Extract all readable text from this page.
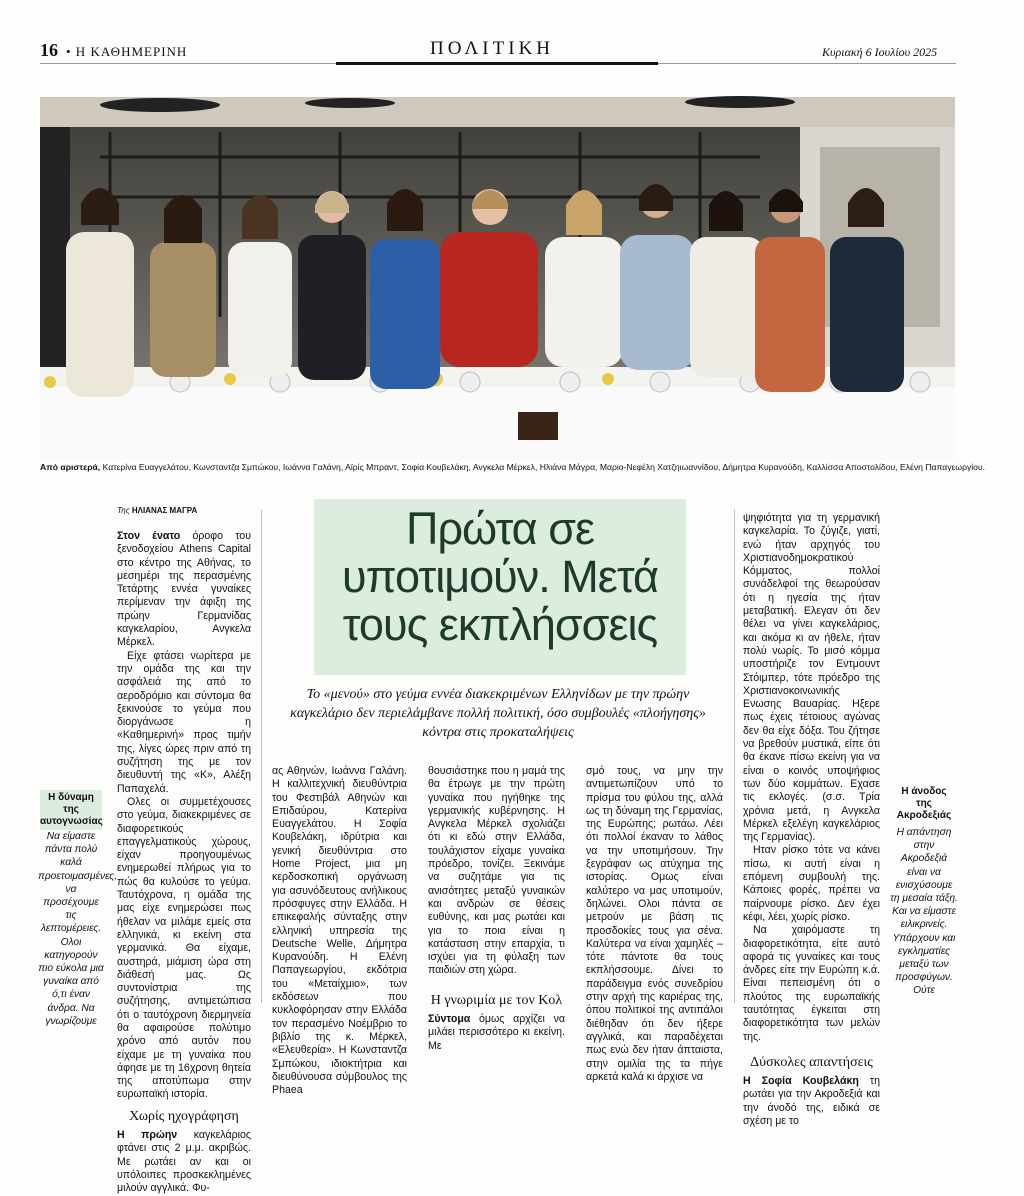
16 • Η ΚΑΘΗΜΕΡΙΝΗ	ΠΟΛΙΤΙΚΗ	Κυριακή 6 Ιουλίου 2025
Από αριστερά, Κατερίνα Ευαγγελάτου, Κωνσταντζα Σμπώκου, Ιωάννα Γαλάνη, Αϊρίς Μπραντ, Σοφία Κουβελάκη, Ανγκελα Μέρκελ, Ηλιάνα Μάγρα, Μαριο-Νεφέλη Χατζηιωαννίδου, Δήμητρα Κυρανούδη, Καλλίσσα Αποστολίδου, Ελένη Παπαγεωργίου.
Της ΗΛΙΑΝΑΣ ΜΑΓΡΑ	Πρώτα σε υποτιμούν. Μετά τους εκπλήσσεις
Το «μενού» στο γεύμα εννέα διακεκριμένων Ελληνίδων με την πρώην καγκελάριο δεν περιελάμβανε πολλή πολιτική, όσο συμβουλές «πλοήγησης» κόντρα στις προκαταλήψεις
Η δύναμη της αυτογνωσίας
Να είμαστε πάντα πολύ καλά προετοιμασμένες, να προσέχουμε τις λεπτομέρειες. Ολοι κατηγορούν πιο εύκολα μια γυναίκα από ό,τι έναν άνδρα. Να γνωρίζουμε

Στον ένατο όροφο του ξενοδοχείου Athens Capital στο κέντρο της Αθήνας, το μεσημέρι της περασμένης Τετάρτης εννέα γυναίκες περίμεναν την άφιξη της πρώην Γερμανίδας καγκελαρίου, Ανγκελα Μέρκελ.

Είχε φτάσει νωρίτερα με την ομάδα της και την ασφάλειά της από το αεροδρόμιο και σύντομα θα ξεκινούσε το γεύμα που διοργάνωσε η «Καθημερινή» προς τιμήν της, λίγες ώρες πριν από τη συζήτηση της με τον διευθυντή της «Κ», Αλέξη Παπαχελά.

Ολες οι συμμετέχουσες στο γεύμα, διακεκριμένες σε διαφορετικούς επαγγελματικούς χώρους, είχαν προηγουμένως ενημερωθεί πλήρως για το πώς θα κυλούσε το γεύμα. Ταυτόχρονα, η ομάδα της μας είχε ενημερώσει πως ήθελαν να μιλάμε εμείς στα ελληνικά, κι εκείνη στα γερμανικά. Θα είχαμε, αυστηρά, μιάμιση ώρα στη διάθεσή μας. Ως συντονίστρια της συζήτησης, αντιμετώπισα ότι ο ταυτόχρονη διερμηνεία θα αφαιρούσε πολύτιμο χρόνο από αυτόν που είχαμε με τη γυναίκα που άφησε με τη 16χρονη θητεία της αποτύπωμα στην ευρωπαϊκή ιστορία.

Χωρίς ηχογράφηση

Η πρώην καγκελάριος φτάνει στις 2 μ.μ. ακριβώς. Με ρωτάει αν και οι υπόλοιπες προσκεκλημένες μιλούν αγγλικά. Φυ-

ας Αθηνών, Ιωάννα Γαλάνη. Η καλλιτεχνική διευθύντρια του Φεστιβάλ Αθηνών και Επιδαύρου, Κατερίνα Ευαγγελάτου. Η Σοφία Κουβελάκη, ιδρύτρια και γενική διευθύντρια στο Home Project, μια μη κερδοσκοπική οργάνωση για ασυνόδευτους ανήλικους πρόσφυγες στην Ελλάδα. Η επικεφαλής σύνταξης στην ελληνική υπηρεσία της Deutsche Welle, Δήμητρα Κυρανούδη. Η Ελένη Παπαγεωργίου, εκδότρια του «Μεταίχμιο», των εκδόσεων που κυκλοφόρησαν στην Ελλάδα τον περασμένο Νοέμβριο το βιβλίο της κ. Μέρκελ, «Ελευθερία». Η Κωνσταντζα Σμπώκου, ιδιοκτήτρια και διευθύνουσα σύμβουλος της Phaea

θουσιάστηκε που η μαμά της θα έτρωγε με την πρώτη γυναίκα που ηγήθηκε της γερμανικής κυβέρνησης. Η Ανγκελα Μέρκελ σχολιάζει ότι κι εδώ στην Ελλάδα, τουλάχιστον είχαμε γυναίκα πρόεδρο, τονίζει. Ξεκινάμε να συζητάμε για τις ανισότητες μεταξύ γυναικών και ανδρών σε θέσεις ευθύνης, και μας ρωτάει και για το ποια είναι η κατάσταση στην επαρχία, τι ισχύει για τη φύλαξη των παιδιών στη χώρα.

Η γνωριμία με τον Κολ

Σύντομα όμως αρχίζει να μιλάει περισσότερο κι εκείνη. Με

σμό τους, να μην την αντιμετωπίζουν υπό το πρίσμα του φύλου της, αλλά ως τη δύναμη της Γερμανίας, της Ευρώπης; ρωτάω. Λέει ότι πολλοί έκαναν το λάθος να την υποτιμήσουν. Την ξεγράφαν ως ατύχημα της ιστορίας. Ομως είναι καλύτερο να μας υποτιμούν, δηλώνει. Ολοι πάντα σε μετρούν με βάση τις προσδοκίες τους για σένα. Καλύτερα να είναι χαμηλές – τότε πάντοτε θα τους εκπλήσσουμε. Δίνει το παράδειγμα ενός συνεδρίου στην αρχή της καριέρας της, όπου πολιτικοί της αντιπάλοι διέθηδαν ότι δεν ήξερε αγγλικά, και παραδέχεται πως ενώ δεν ήταν άπταιστα, στην ομιλία της τα πήγε αρκετά καλά κι άρχισε να

ψηφιότητα για τη γερμανική καγκελαρία. Το ζύγιζε, γιατί, ενώ ήταν αρχηγός του Χριστιανοδημοκρατικού Κόμματος, πολλοί συνάδελφοί της θεωρούσαν ότι η ηγεσία της ήταν μεταβατική. Ελεγαν ότι δεν θέλει να γίνει καγκελάριος, και ακόμα κι αν ήθελε, ήταν πολύ νωρίς. Το μισό κόμμα υποστήριζε τον Εντμουντ Στόιμπερ, τότε πρόεδρο της Χριστιανοκοινωνικής Ενωσης Βαυαρίας. Ηξερε πως έχεις τέτοιους αγώνας δεν θα είχε δόξα. Του ζήτησε να βρεθούν μυστικά, είπε ότι θα έκανε πίσω εκείνη για να είναι ο κοινός υποψήφιος των δύο κομμάτων. Εχασε τις εκλογές. (σ.σ. Τρία χρόνια μετά, η Ανγκελα Μέρκελ εξελέγη καγκελάριος της Γερμανίας).

Ηταν ρίσκο τότε να κάνει πίσω, κι αυτή είναι η επόμενη συμβουλή της. Κάποιες φορές, πρέπει να παίρνουμε ρίσκο. Δεν έχει κέφι, λέει, χωρίς ρίσκο.

Να χαιρόμαστε τη διαφορετικότητα, είτε αυτό αφορά τις γυναίκες και τους άνδρες είτε την Ευρώπη κ.ά. Είναι πεπεισμένη ότι ο πλούτος της ευρωπαϊκής ταυτότητας έγκειται στη διαφορετικότητα των μελών της.

Δύσκολες απαντήσεις

Η Σοφία Κουβελάκη τη ρωτάει για την Ακροδεξιά και την άνοδό της, ειδικά σε σχέση με το

Η άνοδος της Ακροδεξιάς
Η απάντηση στην Ακροδεξιά είναι να ενισχύσουμε τη μεσαία τάξη. Και να είμαστε ειλικρινείς. Υπάρχουν και εγκληματίες μεταξύ των προσφύγων. Ούτε
